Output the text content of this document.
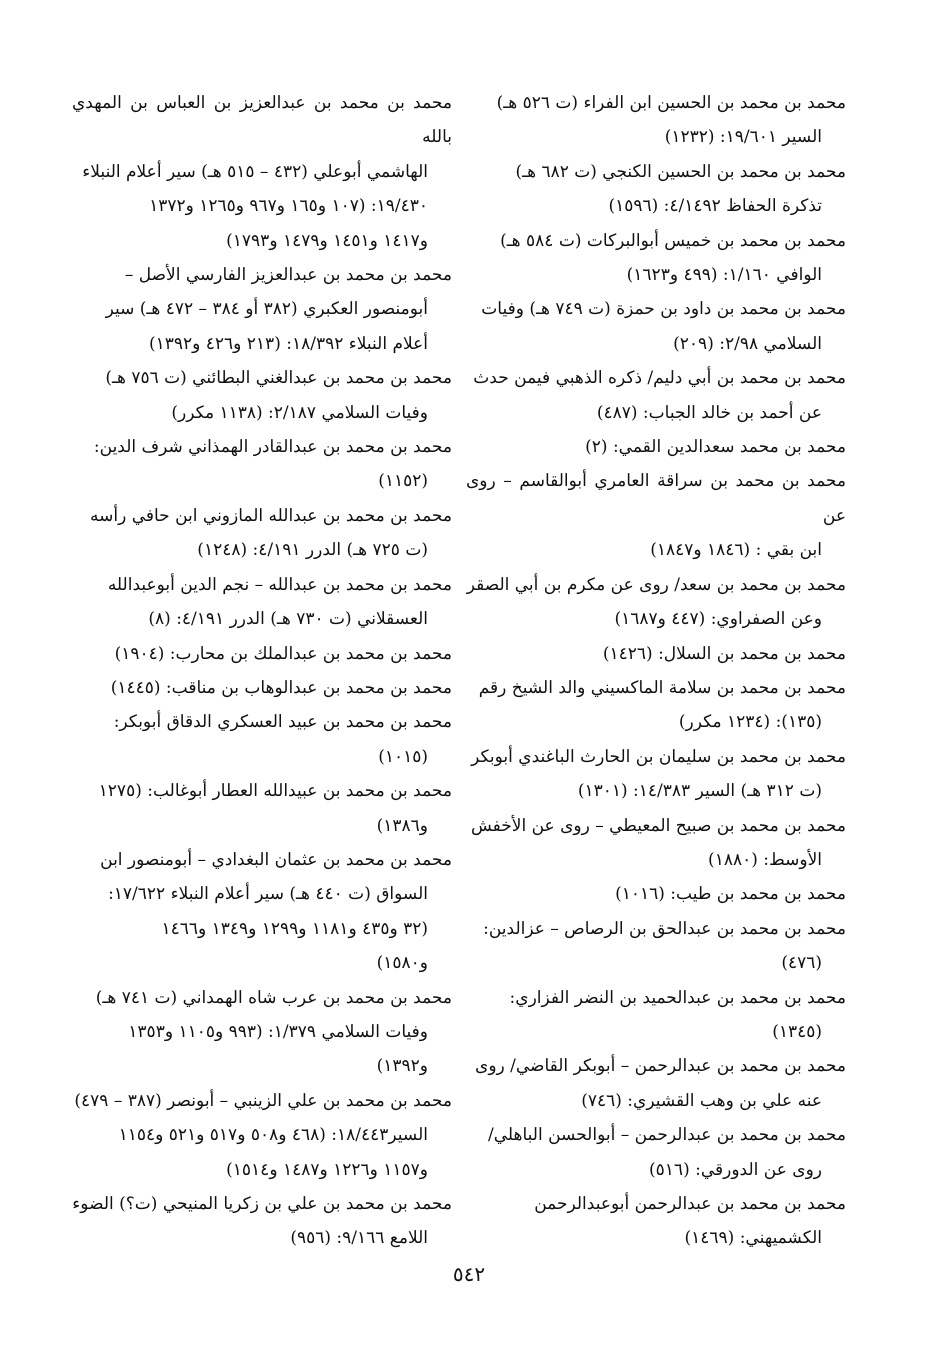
محمد بن محمد بن الحسين ابن الفراء (ت ٥٢٦ هـ)
السير ١٩/٦٠١: (١٢٣٢)
محمد بن محمد بن الحسين الكنجي (ت ٦٨٢ هـ)
تذكرة الحفاظ ٤/١٤٩٢: (١٥٩٦)
محمد بن محمد بن خميس أبوالبركات (ت ٥٨٤ هـ)
الوافي ١/١٦٠: (٤٩٩ و١٦٢٣)
محمد بن محمد بن داود بن حمزة (ت ٧٤٩ هـ) وفيات
السلامي ٢/٩٨: (٢٠٩)
محمد بن محمد بن أبي دليم/ ذكره الذهبي فيمن حدث
عن أحمد بن خالد الجباب: (٤٨٧)
محمد بن محمد سعدالدين القمي: (٢)
محمد بن محمد بن سراقة العامري أبوالقاسم – روى عن
ابن بقي : (١٨٤٦ و١٨٤٧)
محمد بن محمد بن سعد/ روى عن مكرم بن أبي الصقر
وعن الصفراوي: (٤٤٧ و١٦٨٧)
محمد بن محمد بن السلال: (١٤٢٦)
محمد بن محمد بن سلامة الماكسيني والد الشيخ رقم
(١٣٥): (١٢٣٤ مكرر)
محمد بن محمد بن سليمان بن الحارث الباغندي أبوبكر
(ت ٣١٢ هـ) السير ١٤/٣٨٣: (١٣٠١)
محمد بن محمد بن صبيح المعيطي – روى عن الأخفش
الأوسط: (١٨٨٠)
محمد بن محمد بن طيب: (١٠١٦)
محمد بن محمد بن عبدالحق بن الرصاص – عزالدين:
(٤٧٦)
محمد بن محمد بن عبدالحميد بن النضر الفزاري:
(١٣٤٥)
محمد بن محمد بن عبدالرحمن – أبوبكر القاضي/ روى
عنه علي بن وهب القشيري: (٧٤٦)
محمد بن محمد بن عبدالرحمن – أبوالحسن الباهلي/
روى عن الدورقي: (٥١٦)
محمد بن محمد بن عبدالرحمن أبوعبدالرحمن
الكشميهني: (١٤٦٩)
محمد بن محمد بن عبدالعزيز بن العباس بن المهدي بالله
الهاشمي أبوعلي (٤٣٢ – ٥١٥ هـ) سير أعلام النبلاء
١٩/٤٣٠: (١٠٧ و١٦٥ و٩٦٧ و١٢٦٥ و١٣٧٢
و١٤١٧ و١٤٥١ و١٤٧٩ و١٧٩٣)
محمد بن محمد بن عبدالعزيز الفارسي الأصل –
أبومنصور العكبري (٣٨٢ أو ٣٨٤ – ٤٧٢ هـ) سير
أعلام النبلاء ١٨/٣٩٢: (٢١٣ و٤٢٦ و١٣٩٢)
محمد بن محمد بن عبدالغني البطائني (ت ٧٥٦ هـ)
وفيات السلامي ٢/١٨٧: (١١٣٨ مكرر)
محمد بن محمد بن عبدالقادر الهمذاني شرف الدين:
(١١٥٢)
محمد بن محمد بن عبدالله المازوني ابن حافي رأسه
(ت ٧٢٥ هـ) الدرر ٤/١٩١: (١٢٤٨)
محمد بن محمد بن عبدالله – نجم الدين أبوعبدالله
العسقلاني (ت ٧٣٠ هـ) الدرر ٤/١٩١: (٨)
محمد بن محمد بن عبدالملك بن محارب: (١٩٠٤)
محمد بن محمد بن عبدالوهاب بن مناقب: (١٤٤٥)
محمد بن محمد بن عبيد العسكري الدقاق أبوبكر:
(١٠١٥)
محمد بن محمد بن عبيدالله العطار أبوغالب: (١٢٧٥
و١٣٨٦)
محمد بن محمد بن عثمان البغدادي – أبومنصور ابن
السواق (ت ٤٤٠ هـ) سير أعلام النبلاء ١٧/٦٢٢:
(٣٢ و٤٣٥ و١١٨١ و١٢٩٩ و١٣٤٩ و١٤٦٦
و١٥٨٠)
محمد بن محمد بن عرب شاه الهمداني (ت ٧٤١ هـ)
وفيات السلامي ١/٣٧٩: (٩٩٣ و١١٠٥ و١٣٥٣
و١٣٩٢)
محمد بن محمد بن علي الزينبي – أبونصر (٣٨٧ – ٤٧٩)
السير١٨/٤٤٣: (٤٦٨ و٥٠٨ و٥١٧ و٥٢١ و١١٥٤
و١١٥٧ و١٢٢٦ و١٤٨٧ و١٥١٤)
محمد بن محمد بن علي بن زكريا المنيحي (ت؟) الضوء
اللامع ٩/١٦٦: (٩٥٦)
٥٤٢
